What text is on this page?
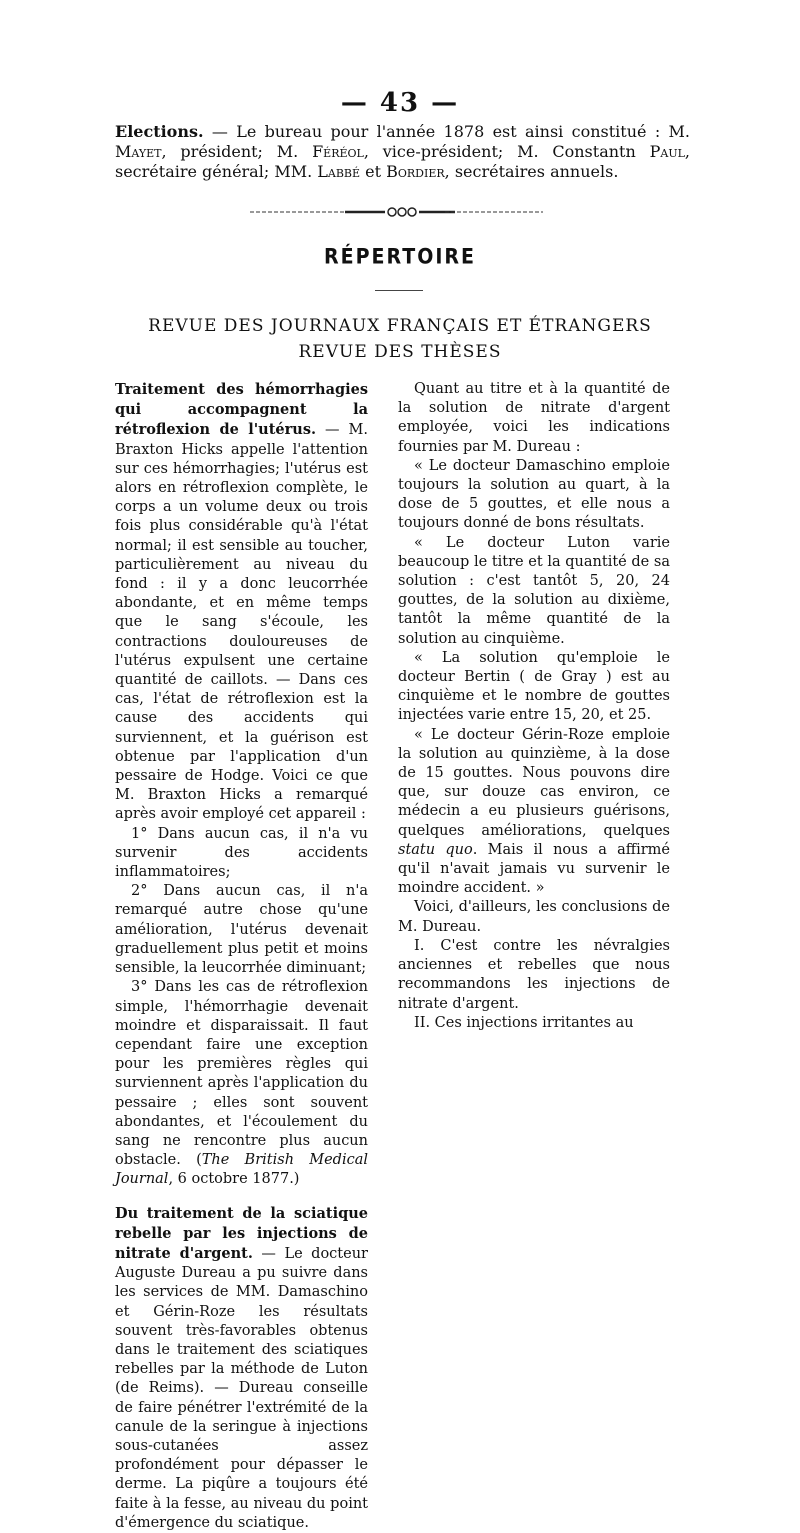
— 43 —
Elections. — Le bureau pour l'année 1878 est ainsi constitué : M. Mayet, président; M. Féréol, vice-président; M. Constantn Paul, secrétaire général; MM. Labbé et Bordier, secrétaires annuels.
RÉPERTOIRE
REVUE DES JOURNAUX FRANÇAIS ET ÉTRANGERS
REVUE DES THÈSES

Traitement des hémorrhagies qui accompagnent la rétroflexion de l'utérus. — M. Braxton Hicks appelle l'attention sur ces hémorrhagies; l'utérus est alors en rétroflexion complète, le corps a un volume deux ou trois fois plus considérable qu'à l'état normal; il est sensible au toucher, particulièrement au niveau du fond : il y a donc leucorrhée abondante, et en même temps que le sang s'écoule, les contractions douloureuses de l'utérus expulsent une certaine quantité de caillots. — Dans ces cas, l'état de rétroflexion est la cause des accidents qui surviennent, et la guérison est obtenue par l'application d'un pessaire de Hodge. Voici ce que M. Braxton Hicks a remarqué après avoir employé cet appareil :

1° Dans aucun cas, il n'a vu survenir des accidents inflammatoires;

2° Dans aucun cas, il n'a remarqué autre chose qu'une amélioration, l'utérus devenait graduellement plus petit et moins sensible, la leucorrhée diminuant;

3° Dans les cas de rétroflexion simple, l'hémorrhagie devenait moindre et disparaissait. Il faut cependant faire une exception pour les premières règles qui surviennent après l'application du pessaire ; elles sont souvent abondantes, et l'écoulement du sang ne rencontre plus aucun obstacle. (The British Medical Journal, 6 octobre 1877.)

Du traitement de la sciatique rebelle par les injections de nitrate d'argent. — Le docteur Auguste Dureau a pu suivre dans les services de MM. Damaschino et Gérin-Roze les résultats souvent très-favorables obtenus dans le traitement des sciatiques rebelles par la méthode de Luton (de Reims). — Dureau conseille de faire pénétrer l'extrémité de la canule de la seringue à injections sous-cutanées assez profondément pour dépasser le derme. La piqûre a toujours été faite à la fesse, au niveau du point d'émergence du sciatique.

Quant au titre et à la quantité de la solution de nitrate d'argent employée, voici les indications fournies par M. Dureau :

« Le docteur Damaschino emploie toujours la solution au quart, à la dose de 5 gouttes, et elle nous a toujours donné de bons résultats.

« Le docteur Luton varie beaucoup le titre et la quantité de sa solution : c'est tantôt 5, 20, 24 gouttes, de la solution au dixième, tantôt la même quantité de la solution au cinquième.

« La solution qu'emploie le docteur Bertin ( de Gray ) est au cinquième et le nombre de gouttes injectées varie entre 15, 20, et 25.

« Le docteur Gérin-Roze emploie la solution au quinzième, à la dose de 15 gouttes. Nous pouvons dire que, sur douze cas environ, ce médecin a eu plusieurs guérisons, quelques améliorations, quelques statu quo. Mais il nous a affirmé qu'il n'avait jamais vu survenir le moindre accident. »

Voici, d'ailleurs, les conclusions de M. Dureau.

I. C'est contre les névralgies anciennes et rebelles que nous recommandons les injections de nitrate d'argent.

II. Ces injections irritantes au
